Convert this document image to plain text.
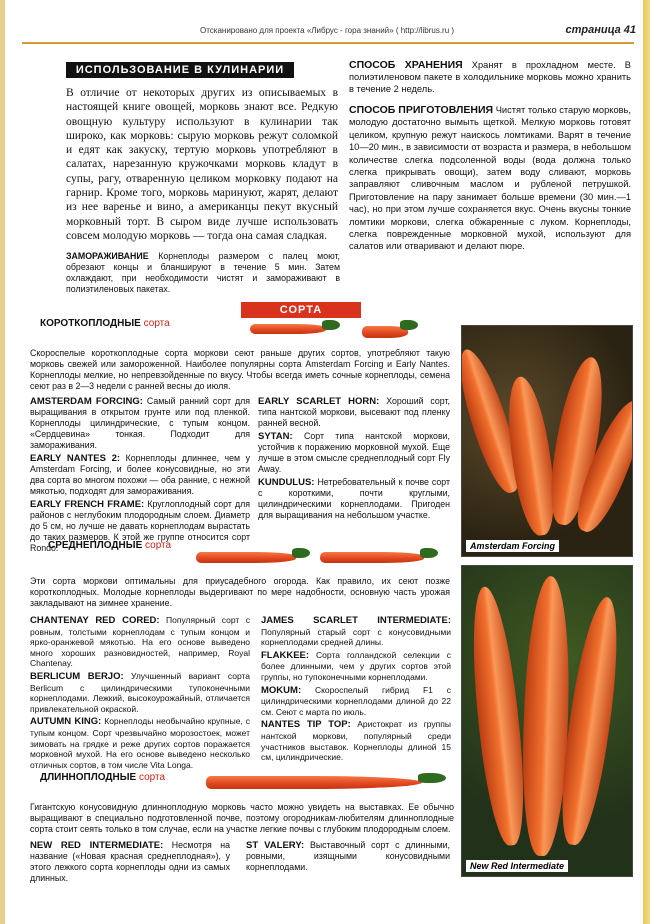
Отсканировано для проекта «Либрус - гора знаний» ( http://librus.ru )	страница 41
ИСПОЛЬЗОВАНИЕ В КУЛИНАРИИ
В отличие от некоторых других из описываемых в настоящей книге овощей, морковь знают все. Редкую овощную культуру используют в кулинарии так широко, как морковь: сырую морковь режут соломкой и едят как закуску, тертую морковь употребляют в салатах, нарезанную кружочками морковь кладут в супы, рагу, отваренную целиком морковку подают на гарнир. Кроме того, морковь маринуют, жарят, делают из нее варенье и вино, а американцы пекут вкусный морковный торт. В сыром виде лучше использовать совсем молодую морковь — тогда она самая сладкая.
ЗАМОРАЖИВАНИЕ Корнеплоды размером с палец моют, обрезают концы и бланшируют в течение 5 мин. Затем охлаждают, при необходимости чистят и замораживают в полиэтиленовых пакетах.
СПОСОБ ХРАНЕНИЯ Хранят в прохладном месте. В полиэтиленовом пакете в холодильнике морковь можно хранить в течение 2 недель.
СПОСОБ ПРИГОТОВЛЕНИЯ Чистят только старую морковь, молодую достаточно вымыть щеткой. Мелкую морковь готовят целиком, крупную режут наискось ломтиками. Варят в течение 10—20 мин., в зависимости от возраста и размера, в небольшом количестве слегка подсоленной воды (вода должна только слегка прикрывать овощи), затем воду сливают, морковь заправляют сливочным маслом и рубленой петрушкой. Приготовление на пару занимает больше времени (30 мин.—1 час), но при этом лучше сохраняется вкус. Очень вкусны тонкие ломтики моркови, слегка обжаренные с луком. Корнеплоды, слегка поврежденные морковной мухой, используют для салатов или отваривают и делают пюре.
СОРТА
КОРОТКОПЛОДНЫЕ сорта
Скороспелые короткоплодные сорта моркови сеют раньше других сортов, употребляют такую морковь свежей или замороженной. Наиболее популярны сорта Amsterdam Forcing и Early Nantes. Корнеплоды мелкие, но непревзойденные по вкусу. Чтобы всегда иметь сочные корнеплоды, семена сеют раз в 2—3 недели с ранней весны до июля.
AMSTERDAM FORCING: Самый ранний сорт для выращивания в открытом грунте или под пленкой. Корнеплоды цилиндрические, с тупым концом. «Сердцевина» тонкая. Подходит для замораживания.
EARLY NANTES 2: Корнеплоды длиннее, чем у Amsterdam Forcing, и более конусовидные, но эти два сорта во многом похожи — оба ранние, с нежной мякотью, подходят для замораживания.
EARLY FRENCH FRAME: Круглоплодный сорт для районов с неглубоким плодородным слоем. Диаметр до 5 см, но лучше не давать корнеплодам вырастать до таких размеров. К этой же группе относится сорт Rondo.
EARLY SCARLET HORN: Хороший сорт, типа нантской моркови, высевают под пленку ранней весной.
SYTAN: Сорт типа нантской моркови, устойчив к поражению морковной мухой. Еще лучше в этом смысле среднеплодный сорт Fly Away.
KUNDULUS: Нетребовательный к почве сорт с короткими, почти круглыми, цилиндрическими корнеплодами. Пригоден для выращивания на небольшом участке.
СРЕДНЕПЛОДНЫЕ сорта
Эти сорта моркови оптимальны для приусадебного огорода. Как правило, их сеют позже короткоплодных. Молодые корнеплоды выдергивают по мере надобности, основную часть урожая закладывают на зимнее хранение.
CHANTENAY RED CORED: Популярный сорт с ровным, толстыми корнеплодам с тупым концом и ярко-оранжевой мякотью. На его основе выведено много хороших разновидностей, например, Royal Chantenay.
BERLICUM BERJO: Улучшенный вариант сорта Berlicum с цилиндрическими тупоконечными корнеплодами. Лежкий, высокоурожайный, отличается привлекательной окраской.
AUTUMN KING: Корнеплоды необычайно крупные, с тупым концом. Сорт чрезвычайно морозостоек, может зимовать на грядке и реже других сортов поражается морковной мухой. На его основе выведено несколько отличных сортов, в том числе Vita Longa.
JAMES SCARLET INTERMEDIATE: Популярный старый сорт с конусовидными корнеплодами средней длины.
FLAKKEE: Сорта голландской селекции с более длинными, чем у других сортов этой группы, но тупоконечными корнеплодами.
MOKUM: Скороспелый гибрид F1 с цилиндрическими корнеплодами длиной до 22 см. Сеют с марта по июль.
NANTES TIP TOP: Аристократ из группы нантской моркови, популярный среди участников выставок. Корнеплоды длиной 15 см, цилиндрические.
ДЛИННОПЛОДНЫЕ сорта
Гигантскую конусовидную длинноплодную морковь часто можно увидеть на выставках. Ее обычно выращивают в специально подготовленной почве, поэтому огородникам-любителям длинноплодные сорта стоит сеять только в том случае, если на участке легкие почвы с глубоким плодородным слоем.
NEW RED INTERMEDIATE: Несмотря на название («Новая красная среднеплодная»), у этого лежкого сорта корнеплоды одни из самых длинных.
ST VALERY: Выставочный сорт с длинными, ровными, изящными конусовидными корнеплодами.
Amsterdam Forcing
New Red Intermediate
